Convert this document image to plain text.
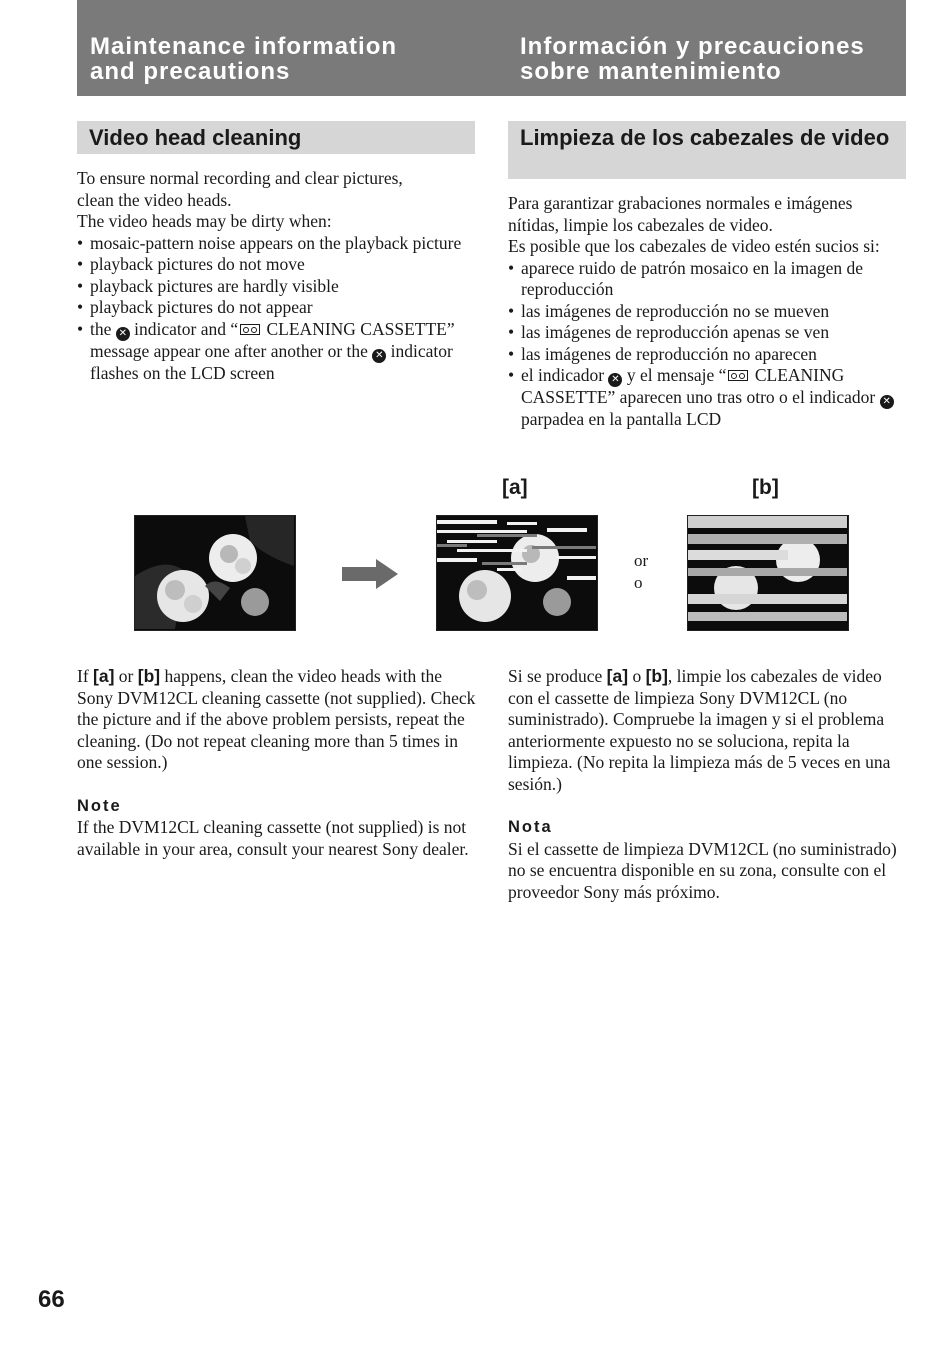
Maintenance information
and precautions
Información y precauciones
sobre mantenimiento
Video head cleaning	Limpieza de los cabezales de video

To ensure normal recording and clear pictures,

clean the video heads.

The video heads may be dirty when:

• mosaic-pattern noise appears on the playback picture
• playback pictures do not move
• playback pictures are hardly visible
• playback pictures do not appear
• the ✕ indicator and “ CLEANING CASSETTE” message appear one after another or the ✕ indicator flashes on the LCD screen

Para garantizar grabaciones normales e imágenes

nítidas, limpie los cabezales de video.

Es posible que los cabezales de video estén sucios si:

• aparece ruido de patrón mosaico en la imagen de reproducción
• las imágenes de reproducción no se mueven
• las imágenes de reproducción apenas se ven
• las imágenes de reproducción no aparecen
• el indicador ✕ y el mensaje “ CLEANING CASSETTE” aparecen uno tras otro o el indicador ✕ parpadea en la pantalla LCD
[a]	[b]
or
o

If [a] or [b] happens, clean the video heads with the Sony DVM12CL cleaning cassette (not supplied). Check the picture and if the above problem persists, repeat the cleaning. (Do not repeat cleaning more than 5 times in one session.)

Note

If the DVM12CL cleaning cassette (not supplied) is not available in your area, consult your nearest Sony dealer.

Si se produce [a] o [b], limpie los cabezales de video con el cassette de limpieza Sony DVM12CL (no suministrado). Compruebe la imagen y si el problema anteriormente expuesto no se soluciona, repita la limpieza. (No repita la limpieza más de 5 veces en una sesión.)

Nota

Si el cassette de limpieza DVM12CL (no suministrado) no se encuentra disponible en su zona, consulte con el proveedor Sony más próximo.

66
